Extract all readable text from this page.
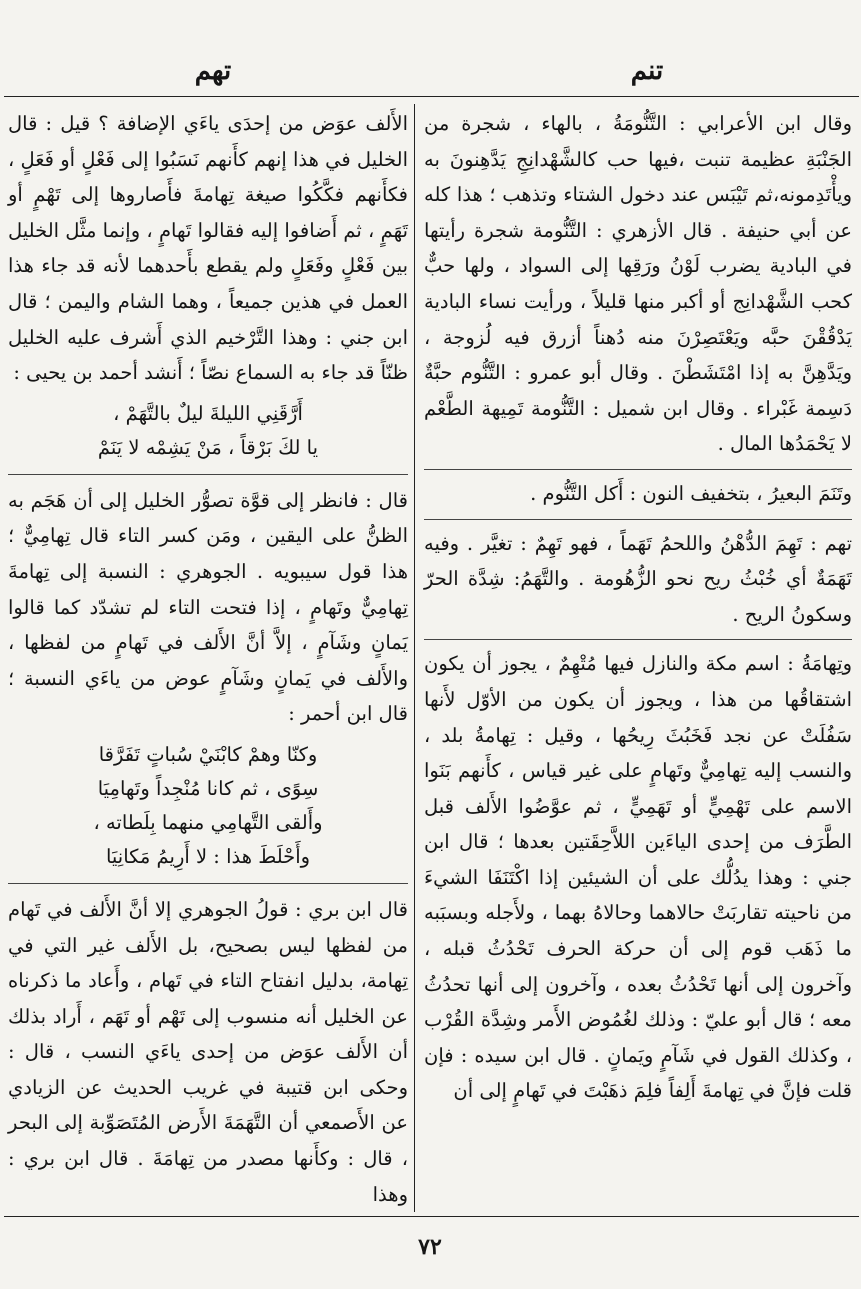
تنم
تهم

وقال ابن الأعرابي : التَّنُّومَةُ ، بالهاء ، شجرة من الجَنْبَةِ عظيمة تنبت ،فيها حب كالشَّهْدانِجِ يَدَّهِنونَ به ويأْتَدِمونه،ثم تَيْبَس عند دخول الشتاء وتذهب ؛ هذا كله عن أبي حنيفة . قال الأزهري : التَّنُّومة شجرة رأيتها في البادية يضرب لَوْنُ ورَقِها إلى السواد ، ولها حبٌّ كحب الشَّهْدانِج أو أكبر منها قليلاً ، ورأيت نساء البادية يَدْقُقْنَ حبَّه ويَعْتَصِرْنَ منه دُهناً أزرق فيه لُزوجة ، ويَدَّهِنَّ به إذا امْتَشَطْنَ . وقال أبو عمرو : التَّنُّوم حبَّةٌ دَسِمة غَبْراء . وقال ابن شميل : التَّنُّومة تَمِيهة الطَّعْم لا يَحْمَدُها المال .

وتَنَمَ البعيرُ ، بتخفيف النون : أَكل التَّنُّوم .

تهم : تَهِمَ الدُّهْنُ واللحمُ تَهَماً ، فهو تَهِمٌ : تغيَّر . وفيه تَهَمَةٌ أي خُبْثُ ريح نحو الزُّهُومة . والتَّهَمُ: شِدَّة الحرّ وسكونُ الريح .

وتِهامَةُ : اسم مكة والنازل فيها مُتْهِمٌ ، يجوز أن يكون اشتقاقُها من هذا ، ويجوز أن يكون من الأوّل لأَنها سَفُلَتْ عن نجد فَخَبُثَ رِيحُها ، وقيل : تِهامةُ بلد ، والنسب إليه تِهامِيٌّ وتَهامٍ على غير قياس ، كأَنهم بَنَوا الاسم على تَهْمِيٍّ أو تَهَمِيٍّ ، ثم عوَّضُوا الأَلف قبل الطَّرَف من إحدى الياءَين اللاَّحِقَتين بعدها ؛ قال ابن جني : وهذا يدُلُّك على أن الشيئين إذا اكْتَنَفَا الشيءَ من ناحيته تقاربَتْ حالاهما وحالاهُ بهما ، ولأَجله وبسبَبه ما ذَهَب قوم إلى أن حركة الحرف تَحْدُثُ قبله ، وآخرون إلى أنها تَحْدُثُ بعده ، وآخرون إلى أنها تحدُثُ معه ؛ قال أبو عليّ : وذلك لغُمُوض الأَمر وشِدَّة القُرْب ، وكذلك القول في شَآمٍ ويَمانٍ . قال ابن سيده : فإن قلت فإنَّ في تِهامةَ أَلِفاً فلِمَ ذهَبْتَ في تَهامٍ إلى أن

الأَلف عوَض من إحدَى ياءَي الإضافة ؟ قيل : قال الخليل في هذا إنهم كأَنهم نَسَبُوا إلى فَعْلٍ أو فَعَلٍ ، فكأَنهم فكَّكُوا صيغة تِهامةَ فأَصاروها إلى تَهْمٍ أو تَهَمٍ ، ثم أَضافوا إليه فقالوا تَهامٍ ، وإنما مثَّل الخليل بين فَعْلٍ وفَعَلٍ ولم يقطع بأَحدهما لأنه قد جاء هذا العمل في هذين جميعاً ، وهما الشام واليمن ؛ قال ابن جني : وهذا التَّرْخيم الذي أَشرف عليه الخليل ظنّاً قد جاء به السماع نصّاً ؛ أَنشد أحمد بن يحيى :

أَرَّقَنِي الليلةَ ليلٌ بالتَّهَمْ ،
يا لكَ بَرْقاً ، مَنْ يَشِمْه لا يَنَمْ

قال : فانظر إلى قوَّة تصوُّر الخليل إلى أن هَجَم به الظنُّ على اليقين ، ومَن كسر التاء قال تِهامِيٌّ ؛ هذا قول سيبويه . الجوهري : النسبة إلى تِهامةَ تِهامِيٌّ وتَهامٍ ، إذا فتحت التاء لم تشدّد كما قالوا يَمانٍ وشَآمٍ ، إلاَّ أنَّ الأَلف في تَهامٍ من لفظها ، والأَلف في يَمانٍ وشَآمٍ عوض من ياءَي النسبة ؛ قال ابن أحمر :

وكنّا وهمْ كابْنَيْ سُباتٍ تَفَرَّقا
سِوًى ، ثم كانا مُنْجِداً وتَهامِيَا
وأَلقى التَّهامِي منهما بِلَطاته ،
وأَحْلَطَ هذا : لا أَرِيمُ مَكانِيَا

قال ابن بري : قولُ الجوهري إلا أنَّ الأَلف في تَهام من لفظها ليس بصحيح، بل الأَلف غير التي في تِهامة، بدليل انفتاح التاء في تَهام ، وأَعاد ما ذكرناه عن الخليل أنه منسوب إلى تَهْم أو تَهَم ، أَراد بذلك أن الأَلف عوَض من إحدى ياءَي النسب ، قال : وحكى ابن قتيبة في غريب الحديث عن الزيادي عن الأَصمعي أن التَّهَمَةَ الأَرض المُتَصَوِّبة إلى البحر ، قال : وكأَنها مصدر من تِهامَةَ . قال ابن بري : وهذا

٧٢
